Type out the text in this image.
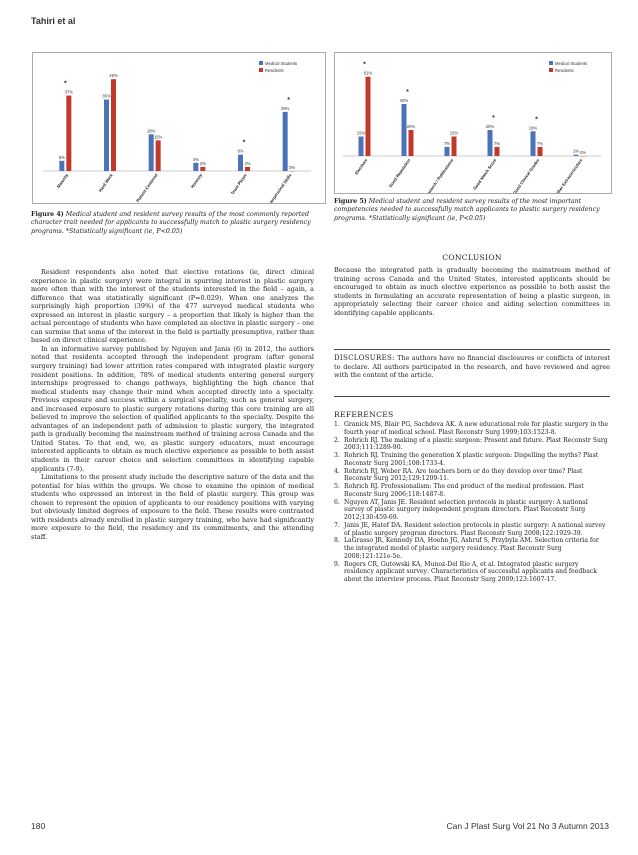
Tahiri et al
Medical Students
Residents
5%
37%
*
Maturity
35%
45%
Hard Work
18%
15%
Patient-Centered
4%
2%
Honesty
8%
2%
*
Team Player
29%
0%
*
Interpersonal Skills
Figure 4) Medical student and resident survey results of the most commonly reported character trait needed for applicants to successfully match to plastic surgery residency programs. *Statistically significant (ie, P<0.05)
Medical Students
Residents
15%
61%
*
Electives
40%
20%
*
Good Reputation
7%
15%
Research / Publications
20%
7%
*
Good Match Score
19%
7%
*
Good Clinical Grades
1% 0%
Other Extracurriculars
Figure 5) Medical student and resident survey results of the most important competencies needed to successfully match applicants to plastic surgery residency programs. *Statistically significant (ie, P<0.05)

Resident respondents also noted that elective rotations (ie, direct clinical experience in plastic surgery) were integral in spurring interest in plastic surgery more often than with the interest of the students interested in the field – again, a difference that was statistically significant (P=0.029). When one analyzes the surprisingly high proportion (39%) of the 477 surveyed medical students who expressed an interest in plastic surgery – a proportion that likely is higher than the actual percentage of students who have completed an elective in plastic surgery – one can surmise that some of the interest in the field is partially presumptive, rather than based on direct clinical experience.

In an informative survey published by Nguyen and Janis (6) in 2012, the authors noted that residents accepted through the independent program (after general surgery training) had lower attrition rates compared with integrated plastic surgery resident positions. In addition, 78% of medical students entering general surgery internships progressed to change pathways, highlighting the high chance that medical students may change their mind when accepted directly into a specialty. Previous exposure and success within a surgical specialty, such as general surgery, and increased exposure to plastic surgery rotations during this core training are all believed to improve the selection of qualified applicants to the specialty. Despite the advantages of an independent path of admission to plastic surgery, the integrated path is gradually becoming the mainstream method of training across Canada and the United States. To that end, we, as plastic surgery educators, must encourage interested applicants to obtain as much elective experience as possible to both assist students in their career choice and selection committees in identifying capable applicants (7-9).

Limitations to the present study include the descriptive nature of the data and the potential for bias within the groups. We chose to examine the opinion of medical students who expressed an interest in the field of plastic surgery. This group was chosen to represent the opinion of applicants to our residency positions with varying but obviously limited degrees of exposure to the field. These results were contrasted with residents already enrolled in plastic surgery training, who have had significantly more exposure to the field, the residency and its commitments, and the attending staff.

CONCLUSION
Because the integrated path is gradually becoming the mainstream method of training across Canada and the United States, interested applicants should be encouraged to obtain as much elective experience as possible to both assist the students in formulating an accurate representation of being a plastic surgeon, in appropriately selecting their career choice and aiding selection committees in identifying capable applicants.
DISCLOSURES: The authors have no financial disclosures or conflicts of interest to declare. All authors participated in the research, and have reviewed and agree with the content of the article.
REFERENCES
1. Granick MS, Blair PG, Sachdeva AK. A new educational role for plastic surgery in the fourth year of medical school. Plast Reconstr Surg 1999;103:1523-8.
2. Rohrich RJ. The making of a plastic surgeon: Present and future. Plast Reconstr Surg 2003;111:1289-90.
3. Rohrich RJ. Training the generation X plastic surgeon: Dispelling the myths? Plast Reconstr Surg 2001;108:1733-4.
4. Rohrich RJ, Weber RA. Are teachers born or do they develop over time? Plast Reconstr Surg 2012;129:1209-11.
5. Rohrich RJ. Professionalism: The end product of the medical profession. Plast Reconstr Surg 2006;118:1487-8.
6. Nguyen AT, Janis JE. Resident selection protocols in plastic surgery: A national survey of plastic surgery independent program directors. Plast Reconstr Surg 2012;130:459-69.
7. Janis JE, Hatef DA. Resident selection protocols in plastic surgery: A national survey of plastic surgery program directors. Plast Reconstr Surg 2008;122:1929-39.
8. LaGrasso JR, Kennedy DA, Hoehn JG, Ashruf S, Przybyla AM. Selection criteria for the integrated model of plastic surgery residency. Plast Reconstr Surg 2008;121:121e-5e.
9. Rogers CR, Gutowski KA, Munoz-Del Rio A, et al. Integrated plastic surgery residency applicant survey: Characteristics of successful applicants and feedback about the interview process. Plast Reconstr Surg 2009;123:1607-17.
180	Can J Plast Surg Vol 21 No 3 Autumn 2013
